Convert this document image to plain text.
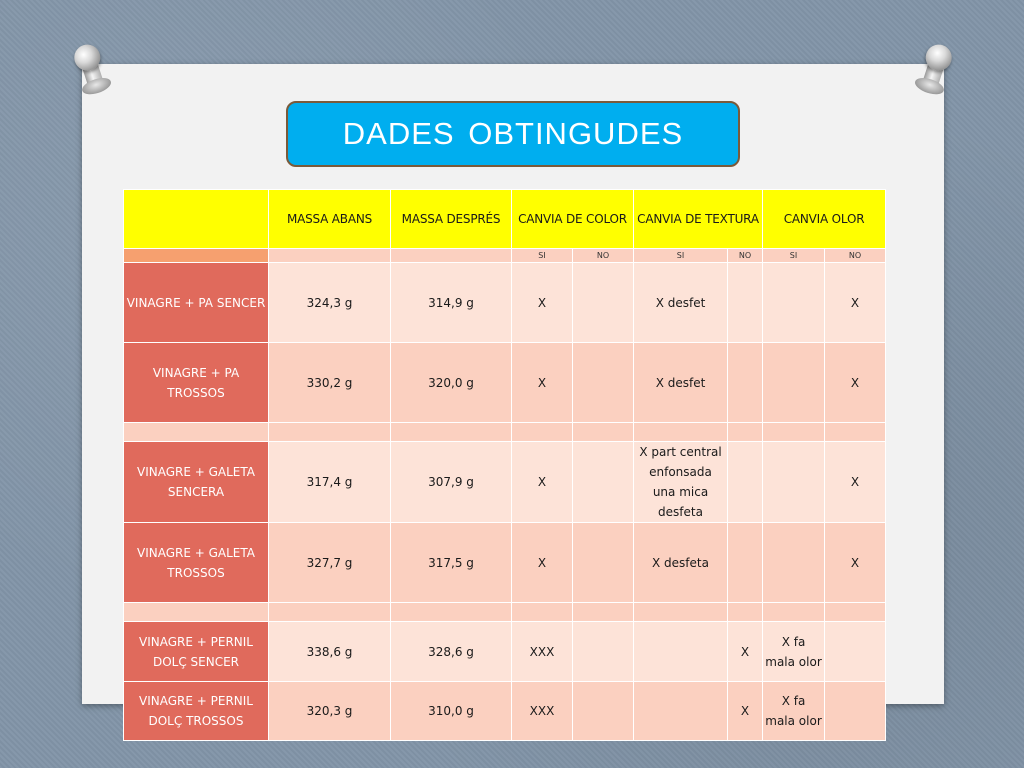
DADES OBTINGUDES
	MASSA ABANS	MASSA DESPRÉS	CANVIA DE COLOR		CANVIA DE TEXTURA		CANVIA OLOR	
			SI	NO	SI	NO	SI	NO
VINAGRE + PA SENCER	324,3 g	314,9 g	X		X desfet			X
VINAGRE + PA TROSSOS	330,2 g	320,0 g	X		X desfet			X

VINAGRE + GALETA SENCERA	317,4 g	307,9 g	X		X part central enfonsada una mica desfeta			X
VINAGRE + GALETA TROSSOS	327,7 g	317,5 g	X		X desfeta			X

VINAGRE + PERNIL DOLÇ SENCER	338,6 g	328,6 g	XXX			X	X fa mala olor	
VINAGRE + PERNIL DOLÇ TROSSOS	320,3 g	310,0 g	XXX			X	X fa mala olor	
